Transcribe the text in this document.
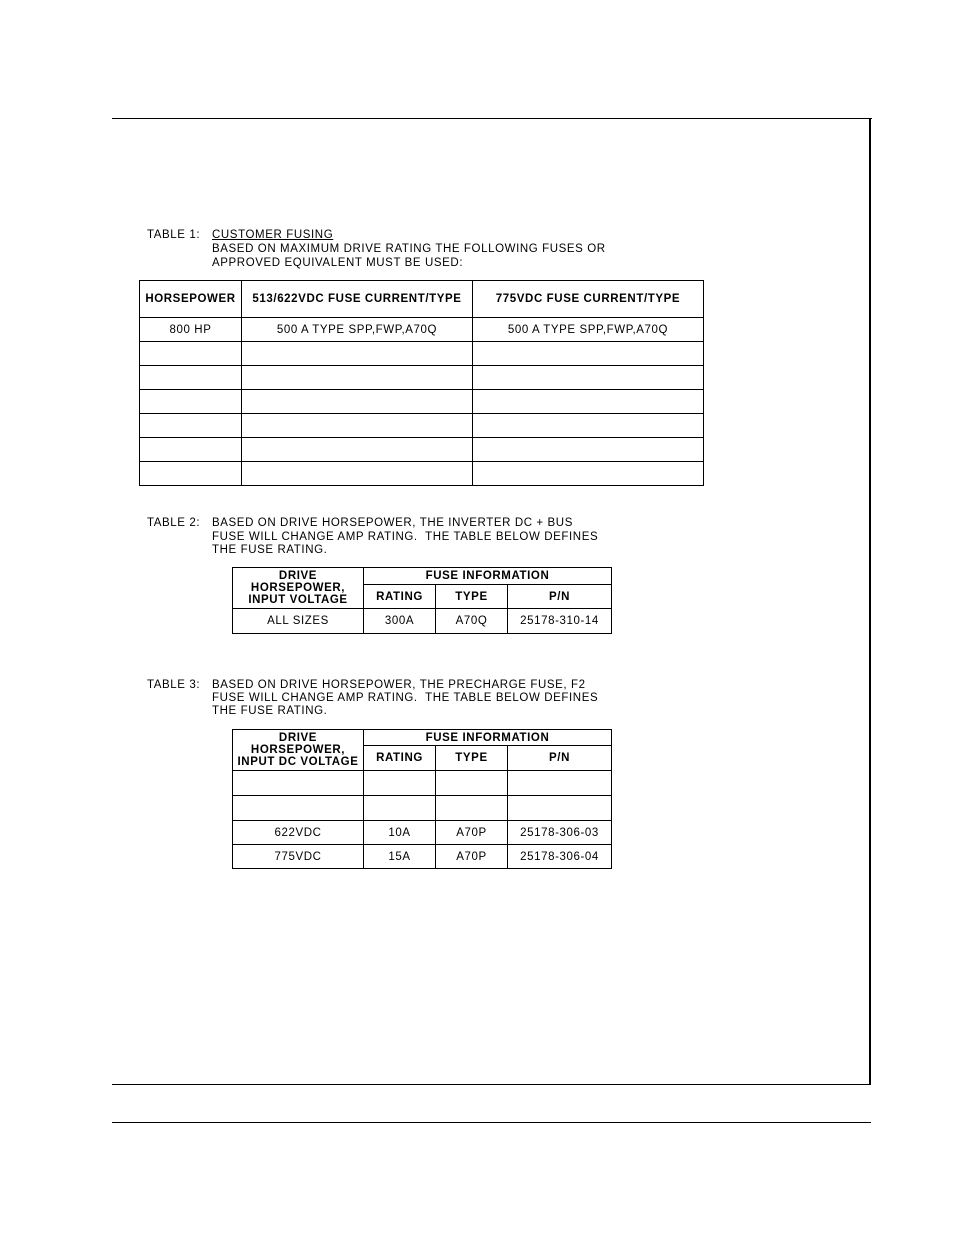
TABLE 1: CUSTOMER FUSING
BASED ON MAXIMUM DRIVE RATING THE FOLLOWING FUSES OR
APPROVED EQUIVALENT MUST BE USED:
HORSEPOWER	513/622VDC FUSE CURRENT/TYPE	775VDC FUSE CURRENT/TYPE
800 HP	500 A TYPE SPP,FWP,A70Q	500 A TYPE SPP,FWP,A70Q

TABLE 2: BASED ON DRIVE HORSEPOWER, THE INVERTER DC + BUS
FUSE WILL CHANGE AMP RATING.  THE TABLE BELOW DEFINES
THE FUSE RATING.
DRIVE
HORSEPOWER,
INPUT VOLTAGE	FUSE INFORMATION		
	RATING	TYPE	P/N
ALL SIZES	300A	A70Q	25178-310-14
TABLE 3: BASED ON DRIVE HORSEPOWER, THE PRECHARGE FUSE, F2
FUSE WILL CHANGE AMP RATING.  THE TABLE BELOW DEFINES
THE FUSE RATING.
DRIVE
HORSEPOWER,
INPUT DC VOLTAGE	FUSE INFORMATION		
	RATING	TYPE	P/N

622VDC	10A	A70P	25178-306-03
775VDC	15A	A70P	25178-306-04
